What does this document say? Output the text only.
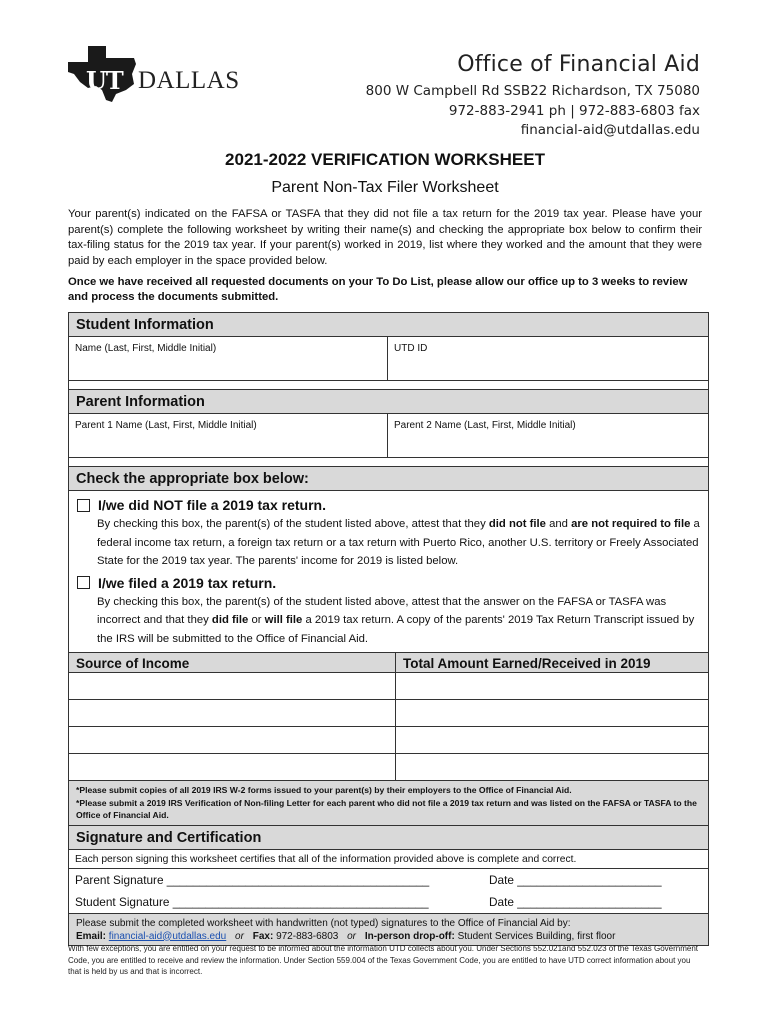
UT DALLAS
Office of Financial Aid
800 W Campbell Rd SSB22 Richardson, TX 75080
972-883-2941 ph | 972-883-6803 fax
financial-aid@utdallas.edu
2021-2022 VERIFICATION WORKSHEET
Parent Non-Tax Filer Worksheet
Your parent(s) indicated on the FAFSA or TASFA that they did not file a tax return for the 2019 tax year. Please have your parent(s) complete the following worksheet by writing their name(s) and checking the appropriate box below to confirm their tax-filing status for the 2019 tax year. If your parent(s) worked in 2019, list where they worked and the amount that they were paid by each employer in the space provided below.
Once we have received all requested documents on your To Do List, please allow our office up to 3 weeks to review and process the documents submitted.
Student Information
Name (Last, First, Middle Initial)	UTD ID
Parent Information
Parent 1 Name (Last, First, Middle Initial)	Parent 2 Name (Last, First, Middle Initial)
Check the appropriate box below:
I/we did NOT file a 2019 tax return.
By checking this box, the parent(s) of the student listed above, attest that they did not file and are not required to file a federal income tax return, a foreign tax return or a tax return with Puerto Rico, another U.S. territory or Freely Associated State for the 2019 tax year. The parents' income for 2019 is listed below.
I/we filed a 2019 tax return.
By checking this box, the parent(s) of the student listed above, attest that the answer on the FAFSA or TASFA was incorrect and that they did file or will file a 2019 tax return. A copy of the parents' 2019 Tax Return Transcript issued by the IRS will be submitted to the Office of Financial Aid.
Source of Income	Total Amount Earned/Received in 2019
*Please submit copies of all 2019 IRS W-2 forms issued to your parent(s) by their employers to the Office of Financial Aid.
*Please submit a 2019 IRS Verification of Non-filing Letter for each parent who did not file a 2019 tax return and was listed on the FAFSA or TASFA to the Office of Financial Aid.
Signature and Certification
Each person signing this worksheet certifies that all of the information provided above is complete and correct.
Parent Signature ________________________________________	Date ______________________
Student Signature _______________________________________	Date ______________________
Please submit the completed worksheet with handwritten (not typed) signatures to the Office of Financial Aid by:
Email: financial-aid@utdallas.edu or Fax: 972-883-6803 or In-person drop-off: Student Services Building, first floor
With few exceptions, you are entitled on your request to be informed about the information UTD collects about you. Under Sections 552.021and 552.023 of the Texas Government Code, you are entitled to receive and review the information. Under Section 559.004 of the Texas Government Code, you are entitled to have UTD correct information about you that is held by us and that is incorrect.
